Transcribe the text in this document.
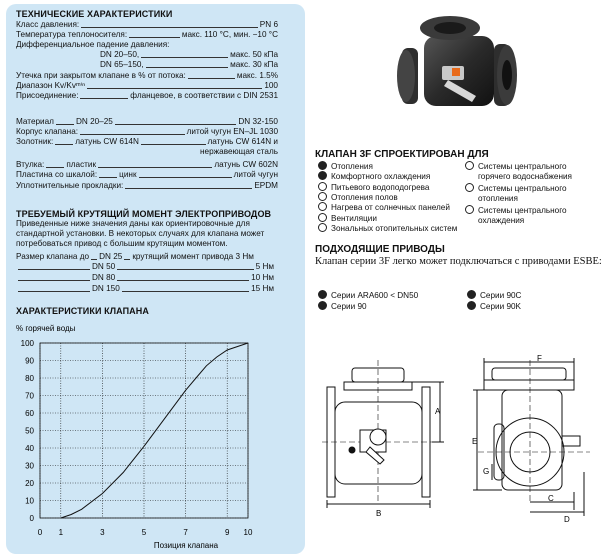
ТЕХНИЧЕСКИЕ ХАРАКТЕРИСТИКИ
Класс давления:	PN 6
Температура теплоносителя:	макс. 110 °С, мин. −10 °С
Дифференциальное падение давления:
DN 20–50,	макс. 50 кПа
DN 65–150,	макс. 30 кПа
Утечка при закрытом клапане в % от потока:	макс. 1.5%
Диапазон Kv/Kvᵐⁱⁿ	100
Присоединение:	фланцевое, в соответствии с DIN 2531
Материал	DN 20–25	DN 32-150
Корпус клапана:	литой чугун EN–JL 1030
Золотник:	латунь CW 614N	латунь CW 614N и
нержавеющая сталь
Втулка:	пластик	латунь CW 602N
Пластина со шкалой:	цинк	литой чугун
Уплотнительные прокладки:	EPDM
ТРЕБУЕМЫЙ КРУТЯЩИЙ МОМЕНТ ЭЛЕКТРОПРИВОДОВ
Приведенные ниже значения даны как ориентировочные для стандартной установки. В некоторых случаях для клапана может потребоваться привод с большим крутящим моментом.
Размер клапана до DN 25 крутящий момент привода 3 Нм
DN 50	5 Нм
DN 80	10 Нм
DN 150	15 Нм
ХАРАКТЕРИСТИКИ КЛАПАНА
% горячей воды
0
10
20
30
40
50
60
70
80
90
100
0 1	3	5	7	9 10
Позиция клапана
КЛАПАН 3F СПРОЕКТИРОВАН ДЛЯ
Отопления
Комфортного охлаждения
Питьевого водоподогрева
Отопления полов
Нагрева от солнечных панелей
Вентиляции
Зональных отопительных систем
Системы центрального
горячего водоснабжения
Системы центрального
отопления
Системы центрального
охлаждения
ПОДХОДЯЩИЕ ПРИВОДЫ
Клапан серии 3F легко может подключаться с приводами ESBE:
Серии ARA600 < DN50
Серии 90
Серии 90C
Серии 90K
B
A
F
E
G
C
D
